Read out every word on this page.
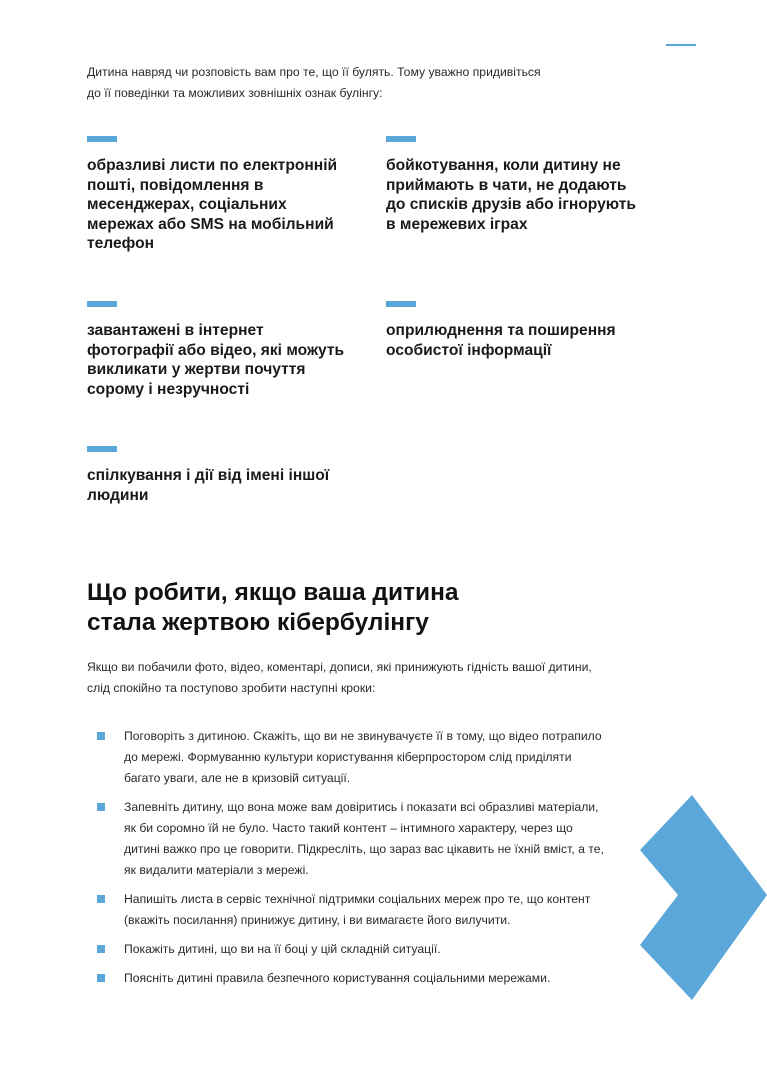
Дитина навряд чи розповість вам про те, що її булять. Тому уважно придивіться

до її поведінки та можливих зовнішніх ознак булінгу:

образливі листи по електронній
пошті, повідомлення в
месенджерах, соціальних
мережах або SMS на мобільний
телефон
бойкотування, коли дитину не
приймають в чати, не додають
до списків друзів або ігнорують
в мережевих іграх
завантажені в інтернет
фотографії або відео, які можуть
викликати у жертви почуття
сорому і незручності
оприлюднення та поширення
особистої інформації
спілкування і дії від імені іншої
людини

Що робити, якщо ваша дитина

стала жертвою кібербулінгу

Якщо ви побачили фото, відео, коментарі, дописи, які принижують гідність вашої дитини,

слід спокійно та поступово зробити наступні кроки:

Поговоріть з дитиною. Скажіть, що ви не звинувачуєте її в тому, що відео потрапило
до мережі. Формуванню культури користування кіберпростором слід приділяти
багато уваги, але не в кризовій ситуації.
Запевніть дитину, що вона може вам довіритись і показати всі образливі матеріали,
як би соромно їй не було. Часто такий контент – інтимного характеру, через що
дитині важко про це говорити. Підкресліть, що зараз вас цікавить не їхній вміст, а те,
як видалити матеріали з мережі.
Напишіть листа в сервіс технічної підтримки соціальних мереж про те, що контент
(вкажіть посилання) принижує дитину, і ви вимагаєте його вилучити.
Покажіть дитині, що ви на її боці у цій складній ситуації.
Поясніть дитині правила безпечного користування соціальними мережами.
